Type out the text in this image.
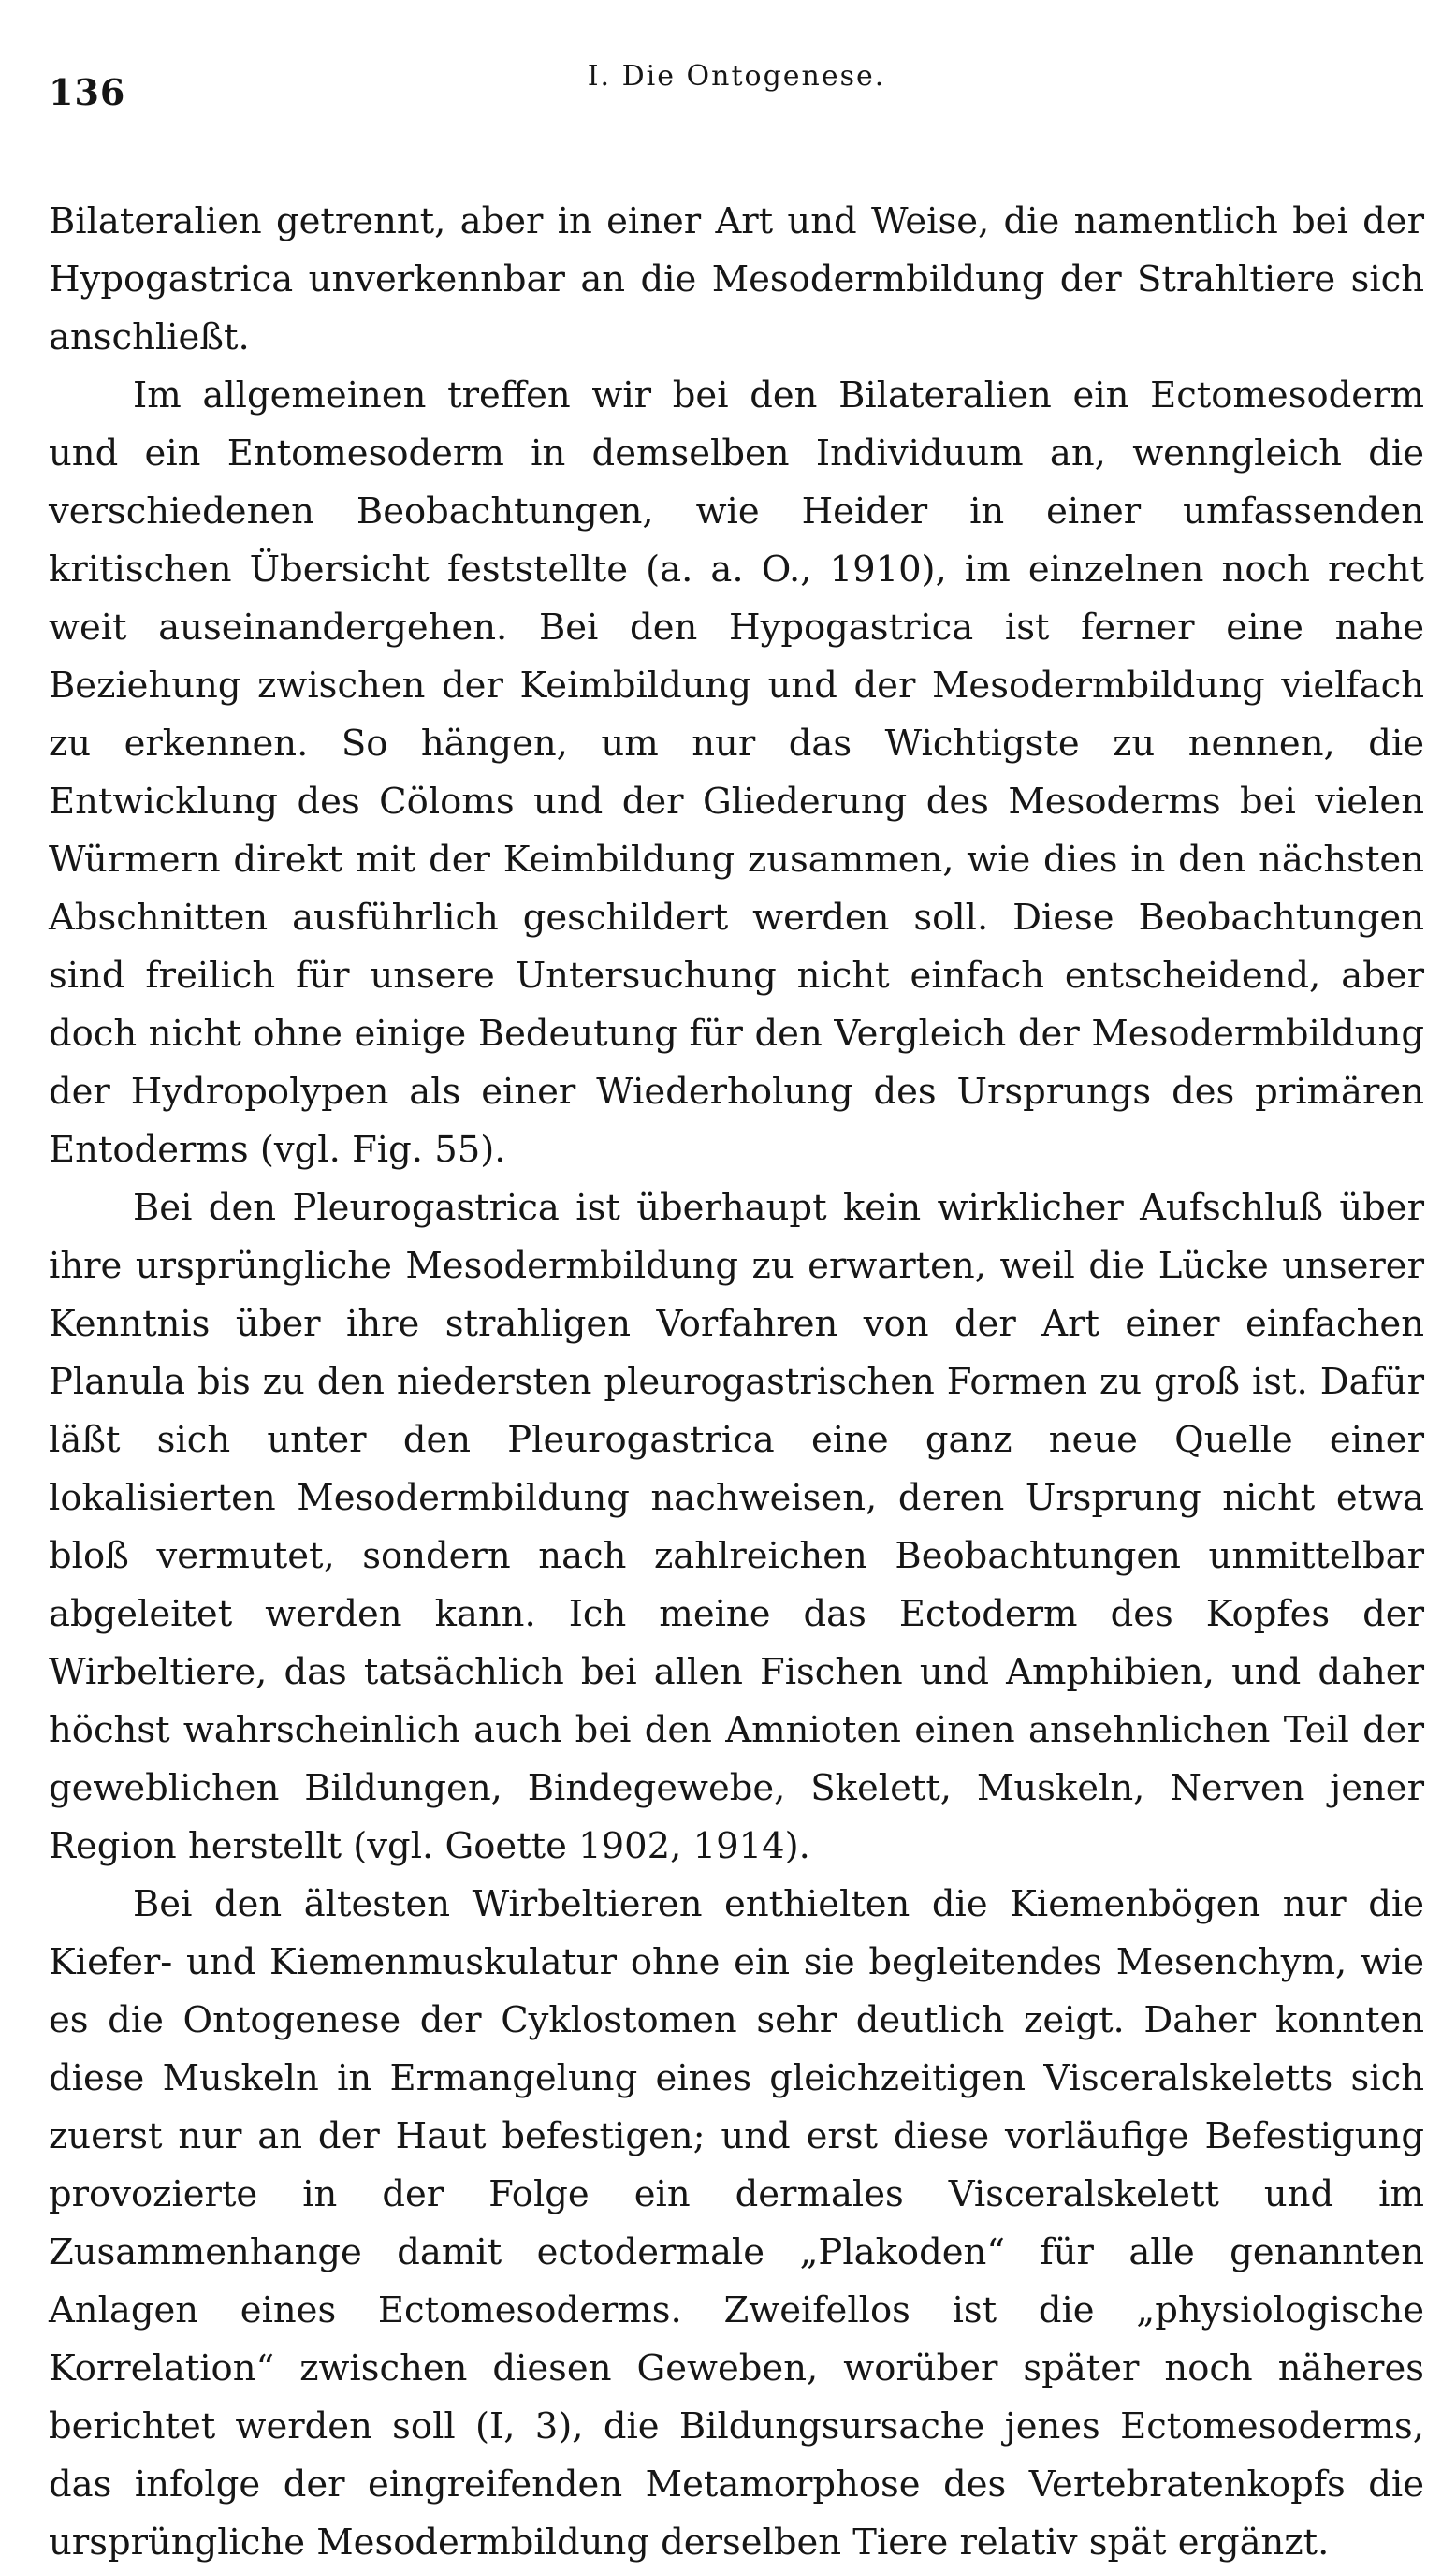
136	I. Die Ontogenese.

Bilateralien getrennt, aber in einer Art und Weise, die namentlich bei der Hypogastrica unverkennbar an die Mesodermbildung der Strahltiere sich anschließt.

Im allgemeinen treffen wir bei den Bilateralien ein Ectomesoderm und ein Entomesoderm in demselben Individuum an, wenngleich die verschiedenen Beobachtungen, wie Heider in einer umfassenden kritischen Übersicht feststellte (a. a. O., 1910), im einzelnen noch recht weit auseinandergehen. Bei den Hypogastrica ist ferner eine nahe Beziehung zwischen der Keimbildung und der Mesodermbildung vielfach zu erkennen. So hängen, um nur das Wichtigste zu nennen, die Entwicklung des Cöloms und der Gliederung des Mesoderms bei vielen Würmern direkt mit der Keimbildung zusammen, wie dies in den nächsten Abschnitten ausführlich geschildert werden soll. Diese Beobachtungen sind freilich für unsere Untersuchung nicht einfach entscheidend, aber doch nicht ohne einige Bedeutung für den Vergleich der Mesodermbildung der Hydropolypen als einer Wiederholung des Ursprungs des primären Entoderms (vgl. Fig. 55).

Bei den Pleurogastrica ist überhaupt kein wirklicher Aufschluß über ihre ursprüngliche Mesodermbildung zu erwarten, weil die Lücke unserer Kenntnis über ihre strahligen Vorfahren von der Art einer einfachen Planula bis zu den niedersten pleurogastrischen Formen zu groß ist. Dafür läßt sich unter den Pleurogastrica eine ganz neue Quelle einer lokalisierten Mesodermbildung nachweisen, deren Ursprung nicht etwa bloß vermutet, sondern nach zahlreichen Beobachtungen unmittelbar abgeleitet werden kann. Ich meine das Ectoderm des Kopfes der Wirbeltiere, das tatsächlich bei allen Fischen und Amphibien, und daher höchst wahrscheinlich auch bei den Amnioten einen ansehnlichen Teil der geweblichen Bildungen, Bindegewebe, Skelett, Muskeln, Nerven jener Region herstellt (vgl. Goette 1902, 1914).

Bei den ältesten Wirbeltieren enthielten die Kiemenbögen nur die Kiefer- und Kiemenmuskulatur ohne ein sie begleitendes Mesenchym, wie es die Ontogenese der Cyklostomen sehr deutlich zeigt. Daher konnten diese Muskeln in Ermangelung eines gleichzeitigen Visceralskeletts sich zuerst nur an der Haut befestigen; und erst diese vorläufige Befestigung provozierte in der Folge ein dermales Visceralskelett und im Zusammenhange damit ectodermale „Plakoden“ für alle genannten Anlagen eines Ectomesoderms. Zweifellos ist die „physiologische Korrelation“ zwischen diesen Geweben, worüber später noch näheres berichtet werden soll (I, 3), die Bildungsursache jenes Ectomesoderms, das infolge der eingreifenden Metamorphose des Vertebratenkopfs die ursprüngliche Mesodermbildung derselben Tiere relativ spät ergänzt.
